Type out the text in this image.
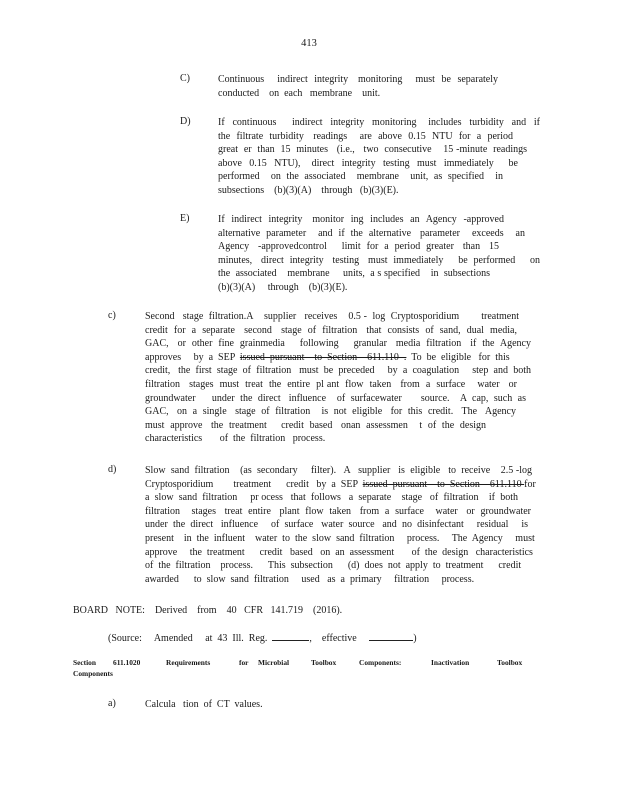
413
C)	Continuous    indirect  integrity   monitoring    must  be  separately
conducted    on  each   membrane    unit.
D)	If  continuous    indirect  integrity  monitoring   includes  turbidity  and  if
the  filtrate  turbidity   readings    are  above  0.15  NTU  for  a  period
great  er  than  15  minutes   (i.e.,   two  consecutive    15 -minute  readings
above  0.15  NTU),   direct  integrity  testing  must  immediately    be
performed    on  the  associated    membrane    unit,  as  specified    in
subsections    (b)(3)(A)    through   (b)(3)(E).
E)	If  indirect  integrity   monitor  ing  includes  an  Agency  -approved
alternative  parameter    and  if  the  alternative   parameter    exceeds    an
Agency   -approvedcontrol     limit  for  a  period  greater   than   15
minutes,   direct  integrity   testing   must  immediately     be  performed     on
the  associated    membrane     units,  a s specified    in  subsections
(b)(3)(A)     through    (b)(3)(E).
c)	Second   stage  filtration.A    supplier   receives    0.5 -  log  Cryptosporidium        treatment
credit  for  a  separate   second   stage  of  filtration   that  consists  of  sand,  dual  media,
GAC,   or  other  fine  grainmedia     following     granular   media  filtration   if  the  Agency
approves     by  a  SEP  issued  pursuant    to  Section    611.110  .  To  be  eligible   for  this
credit,   the  first  stage  of  filtration   must  be  preceded     by  a  coagulation     step  and  both
filtration   stages  must  treat  the  entire  pl ant  flow  taken   from  a  surface    water   or
groundwater      under  the  direct   influence    of  surfacewater       source.    A  cap,  such  as
GAC,   on  a  single   stage  of  filtration    is  not  eligible   for  this  credit.   The   Agency
must  approve   the  treatment     credit  based   onan  assessmen    t  of  the  design
characteristics       of  the  filtration   process.
d)	Slow  sand  filtration    (as  secondary     filter).   A   supplier   is  eligible   to  receive    2.5 -log
Cryptosporidium        treatment      credit   by  a  SEP  issued  pursuant    to  Section    611.110 for
a  slow  sand  filtration     pr ocess   that  follows   a  separate    stage   of  filtration    if  both
filtration    stages   treat  entire   plant  flow  taken   from  a  surface    water   or  groundwater
under  the  direct   influence     of  surface   water  source   and  no  disinfectant     residual     is
present    in  the  influent    water  to  the  slow  sand  filtration     process.     The  Agency     must
approve     the  treatment      credit   based   on  an  assessment       of  the  design   characteristics
of  the  filtration    process.      This  subsection      (d)  does  not  apply  to  treatment      credit
awarded      to  slow  sand  filtration     used   as  a  primary     filtration     process.
BOARD   NOTE:    Derived    from    40   CFR   141.719    (2016).
(Source:     Amended     at  43  Ill.  Reg.	,    effective	)
Section 611.1020	Requirements	for Microbial	Toolbox	Components:	Inactivation	Toolbox
Components
a)	Calcula   tion  of  CT  values.
